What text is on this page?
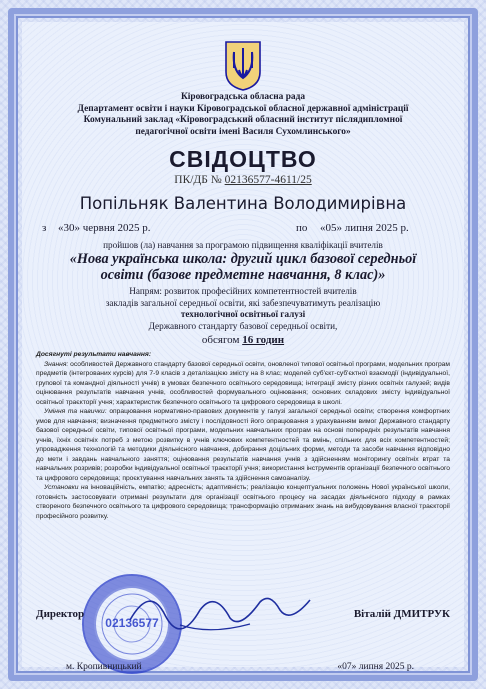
Кіровоградська обласна рада
Департамент освіти і науки Кіровоградської обласної державної адміністрації
Комунальний заклад «Кіровоградський обласний інститут післядипломної
педагогічної освіти імені Василя Сухомлинського»
СВІДОЦТВО
ПК/ДБ № 02136577-4611/25
Попільняк Валентина Володимирівна
з «30» червня 2025 р.	по «05» липня 2025 р.
пройшов (ла) навчання за програмою підвищення кваліфікації вчителів
«Нова українська школа: другий цикл базової середньої освіти (базове предметне навчання, 8 клас)»
Напрям: розвиток професійних компетентностей вчителів
закладів загальної середньої освіти, які забезпечуватимуть реалізацію
технологічної освітньої галузі
Державного стандарту базової середньої освіти,
обсягом 16 годин

Досягнуті результати навчання:

Знання: особливостей Державного стандарту базової середньої освіти, оновленої типової освітньої програми, модельних програм предметів (інтегрованих курсів) для 7-9 класів з деталізацією змісту на 8 клас; моделей суб'єкт-суб'єктної взаємодії (індивідуальної, групової та командної діяльності учнів) в умовах безпечного освітнього середовища; інтеграції змісту різних освітніх галузей; видів оцінювання результатів навчання учнів, особливостей формувального оцінювання; основних складових змісту індивідуальної освітньої траєкторії учня; характеристик безпечного освітнього та цифрового середовища в школі.

Уміння та навички: опрацювання нормативно-правових документів у галузі загальної середньої освіти; створення комфортних умов для навчання; визначення предметного змісту і послідовності його опрацювання з урахуванням вимог Державного стандарту базової середньої освіти, типової освітньої програми, модельних навчальних програм на основі попередніх результатів навчання учнів, їхніх освітніх потреб з метою розвитку в учнів ключових компетентностей та вмінь, спільних для всіх компетентностей; упровадження технологій та методики діяльнісного навчання, добирання доцільних форми, методи та засоби навчання відповідно до мети і завдань навчального заняття; оцінювання результатів навчання учнів з здійсненням моніторингу освітніх втрат та навчальних розривів; розробки індивідуальної освітньої траєкторії учня; використання інструментів організації безпечного освітнього та цифрового середовища; проєктування навчальних занять та здійснення самоаналізу.

Установки на інноваційність, емпатію; адресність; адаптивність; реалізацію концептуальних положень Нової української школи, готовність застосовувати отримані результати для організації освітнього процесу на засадах діяльнісного підходу в рамках створеного безпечного освітнього та цифрового середовища; трансформацію отриманих знань на вибудовування власної траєкторії професійного розвитку.

02136577
Директор	Віталій ДМИТРУК
м. Кропивницький	«07» липня 2025 р.
